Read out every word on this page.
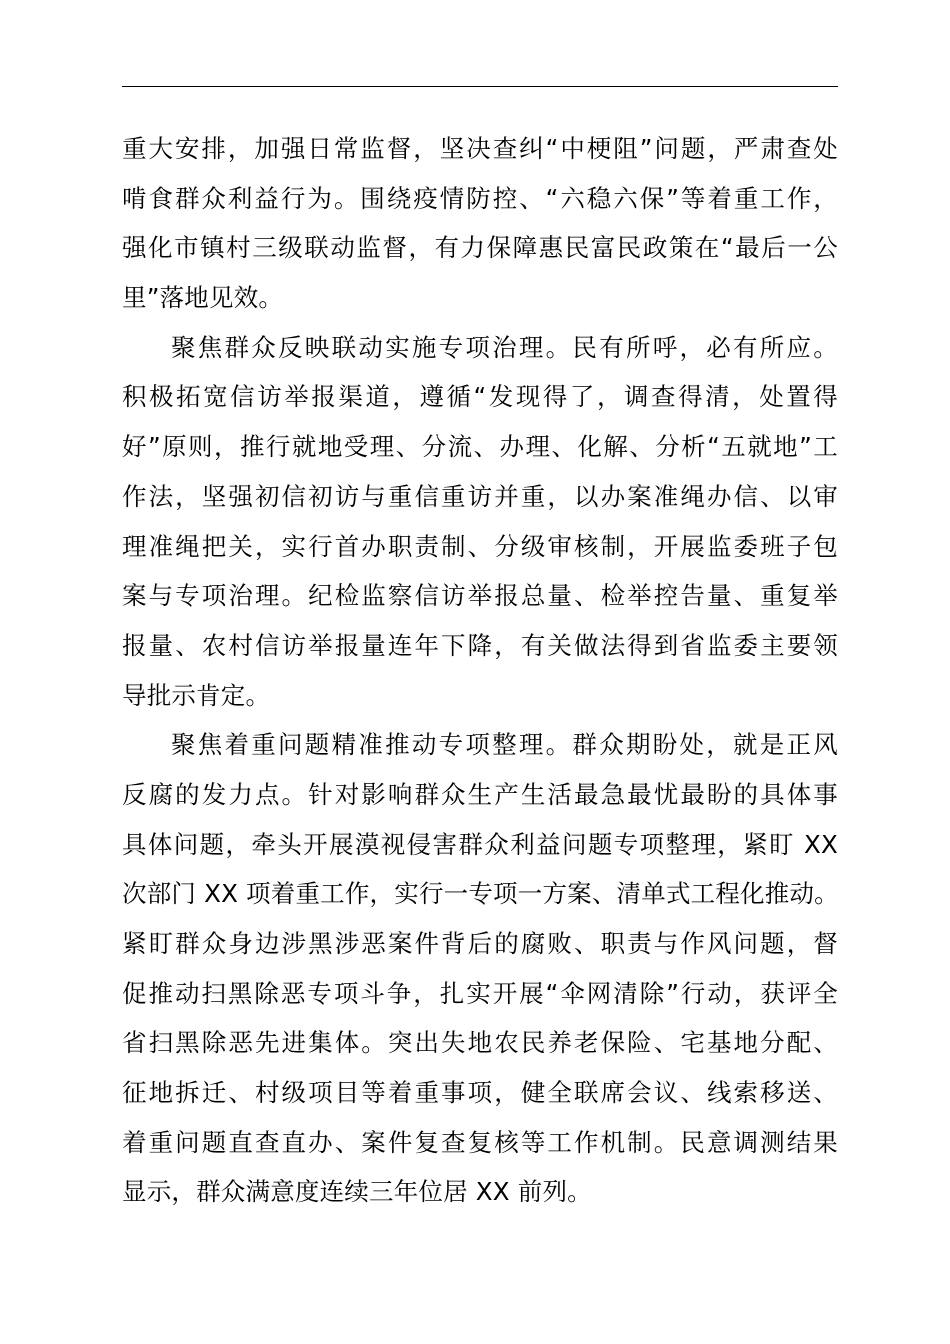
重大安排，加强日常监督，坚决查纠“中梗阻”问题，严肃查处
啃食群众利益行为。围绕疫情防控、“六稳六保”等着重工作，
强化市镇村三级联动监督，有力保障惠民富民政策在“最后一公
里”落地见效。
聚焦群众反映联动实施专项治理。民有所呼，必有所应。
积极拓宽信访举报渠道，遵循“发现得了，调查得清，处置得
好”原则，推行就地受理、分流、办理、化解、分析“五就地”工
作法，坚强初信初访与重信重访并重，以办案准绳办信、以审
理准绳把关，实行首办职责制、分级审核制，开展监委班子包
案与专项治理。纪检监察信访举报总量、检举控告量、重复举
报量、农村信访举报量连年下降，有关做法得到省监委主要领
导批示肯定。
聚焦着重问题精准推动专项整理。群众期盼处，就是正风
反腐的发力点。针对影响群众生产生活最急最忧最盼的具体事
具体问题，牵头开展漠视侵害群众利益问题专项整理，紧盯 XX
次部门 XX 项着重工作，实行一专项一方案、清单式工程化推动。
紧盯群众身边涉黑涉恶案件背后的腐败、职责与作风问题，督
促推动扫黑除恶专项斗争，扎实开展“伞网清除”行动，获评全
省扫黑除恶先进集体。突出失地农民养老保险、宅基地分配、
征地拆迁、村级项目等着重事项，健全联席会议、线索移送、
着重问题直查直办、案件复查复核等工作机制。民意调测结果
显示，群众满意度连续三年位居 XX 前列。
